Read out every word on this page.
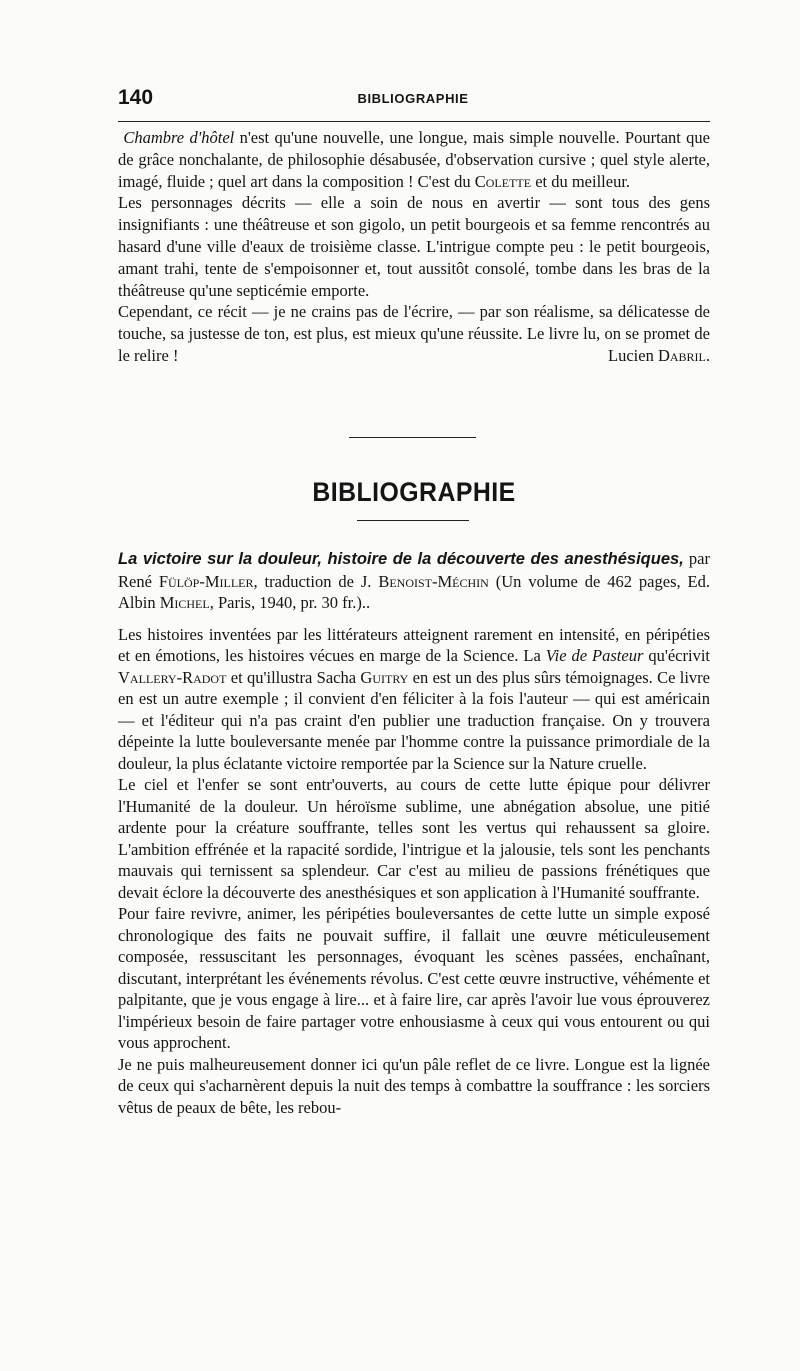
140	BIBLIOGRAPHIE

Chambre d'hôtel n'est qu'une nouvelle, une longue, mais simple nouvelle. Pourtant que de grâce nonchalante, de philosophie désabusée, d'observation cursive ; quel style alerte, imagé, fluide ; quel art dans la composition ! C'est du Colette et du meilleur.

Les personnages décrits — elle a soin de nous en avertir — sont tous des gens insignifiants : une théâtreuse et son gigolo, un petit bourgeois et sa femme rencontrés au hasard d'une ville d'eaux de troisième classe. L'intrigue compte peu : le petit bourgeois, amant trahi, tente de s'empoisonner et, tout aussitôt consolé, tombe dans les bras de la théâtreuse qu'une septicémie emporte.

Cependant, ce récit — je ne crains pas de l'écrire, — par son réalisme, sa délicatesse de touche, sa justesse de ton, est plus, est mieux qu'une réussite. Le livre lu, on se promet de le relire !	Lucien Dabril.

BIBLIOGRAPHIE

La victoire sur la douleur, histoire de la découverte des anesthésiques, par René Fülöp-Miller, traduction de J. Benoist-Méchin (Un volume de 462 pages, Ed. Albin Michel, Paris, 1940, pr. 30 fr.)..

Les histoires inventées par les littérateurs atteignent rarement en intensité, en péripéties et en émotions, les histoires vécues en marge de la Science. La Vie de Pasteur qu'écrivit Vallery-Radot et qu'illustra Sacha Guitry en est un des plus sûrs témoignages. Ce livre en est un autre exemple ; il convient d'en féliciter à la fois l'auteur — qui est américain — et l'éditeur qui n'a pas craint d'en publier une traduction française. On y trouvera dépeinte la lutte bouleversante menée par l'homme contre la puissance primordiale de la douleur, la plus éclatante victoire remportée par la Science sur la Nature cruelle.

Le ciel et l'enfer se sont entr'ouverts, au cours de cette lutte épique pour délivrer l'Humanité de la douleur. Un héroïsme sublime, une abnégation absolue, une pitié ardente pour la créature souffrante, telles sont les vertus qui rehaussent sa gloire. L'ambition effrénée et la rapacité sordide, l'intrigue et la jalousie, tels sont les penchants mauvais qui ternissent sa splendeur. Car c'est au milieu de passions frénétiques que devait éclore la découverte des anesthésiques et son application à l'Humanité souffrante.

Pour faire revivre, animer, les péripéties bouleversantes de cette lutte un simple exposé chronologique des faits ne pouvait suffire, il fallait une œuvre méticuleusement composée, ressuscitant les personnages, évoquant les scènes passées, enchaînant, discutant, interprétant les événements révolus. C'est cette œuvre instructive, véhémente et palpitante, que je vous engage à lire... et à faire lire, car après l'avoir lue vous éprouverez l'impérieux besoin de faire partager votre enhousiasme à ceux qui vous entourent ou qui vous approchent.

Je ne puis malheureusement donner ici qu'un pâle reflet de ce livre. Longue est la lignée de ceux qui s'acharnèrent depuis la nuit des temps à combattre la souffrance : les sorciers vêtus de peaux de bête, les rebou-
